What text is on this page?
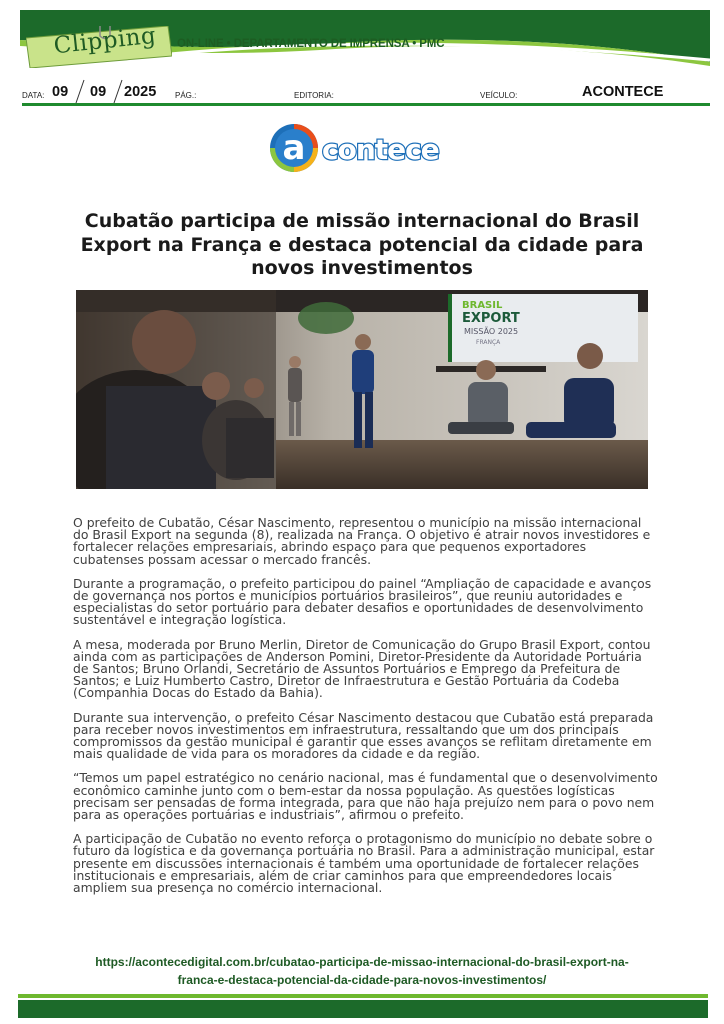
Clipping	ON-LINE • DEPARTAMENTO DE IMPRENSA • PMC
DATA: 09 09 2025 PÁG.:	EDITORIA:	VEÍCULO:	ACONTECE
a contece
Cubatão participa de missão internacional do Brasil Export na França e destaca potencial da cidade para novos investimentos
BRASIL
EXPORT
MISSÃO 2025
FRANÇA

O prefeito de Cubatão, César Nascimento, representou o município na missão internacional do Brasil Export na segunda (8), realizada na França. O objetivo é atrair novos investidores e fortalecer relações empresariais, abrindo espaço para que pequenos exportadores cubatenses possam acessar o mercado francês.

Durante a programação, o prefeito participou do painel “Ampliação de capacidade e avanços de governança nos portos e municípios portuários brasileiros”, que reuniu autoridades e especialistas do setor portuário para debater desafios e oportunidades de desenvolvimento sustentável e integração logística.

A mesa, moderada por Bruno Merlin, Diretor de Comunicação do Grupo Brasil Export, contou ainda com as participações de Anderson Pomini, Diretor-Presidente da Autoridade Portuária de Santos; Bruno Orlandi, Secretário de Assuntos Portuários e Emprego da Prefeitura de Santos; e Luiz Humberto Castro, Diretor de Infraestrutura e Gestão Portuária da Codeba (Companhia Docas do Estado da Bahia).

Durante sua intervenção, o prefeito César Nascimento destacou que Cubatão está preparada para receber novos investimentos em infraestrutura, ressaltando que um dos principais compromissos da gestão municipal é garantir que esses avanços se reflitam diretamente em mais qualidade de vida para os moradores da cidade e da região.

“Temos um papel estratégico no cenário nacional, mas é fundamental que o desenvolvimento econômico caminhe junto com o bem-estar da nossa população. As questões logísticas precisam ser pensadas de forma integrada, para que não haja prejuízo nem para o povo nem para as operações portuárias e industriais”, afirmou o prefeito.

A participação de Cubatão no evento reforça o protagonismo do município no debate sobre o futuro da logística e da governança portuária no Brasil. Para a administração municipal, estar presente em discussões internacionais é também uma oportunidade de fortalecer relações institucionais e empresariais, além de criar caminhos para que empreendedores locais ampliem sua presença no comércio internacional.

https://acontecedigital.com.br/cubatao-participa-de-missao-internacional-do-brasil-export-na-
franca-e-destaca-potencial-da-cidade-para-novos-investimentos/
